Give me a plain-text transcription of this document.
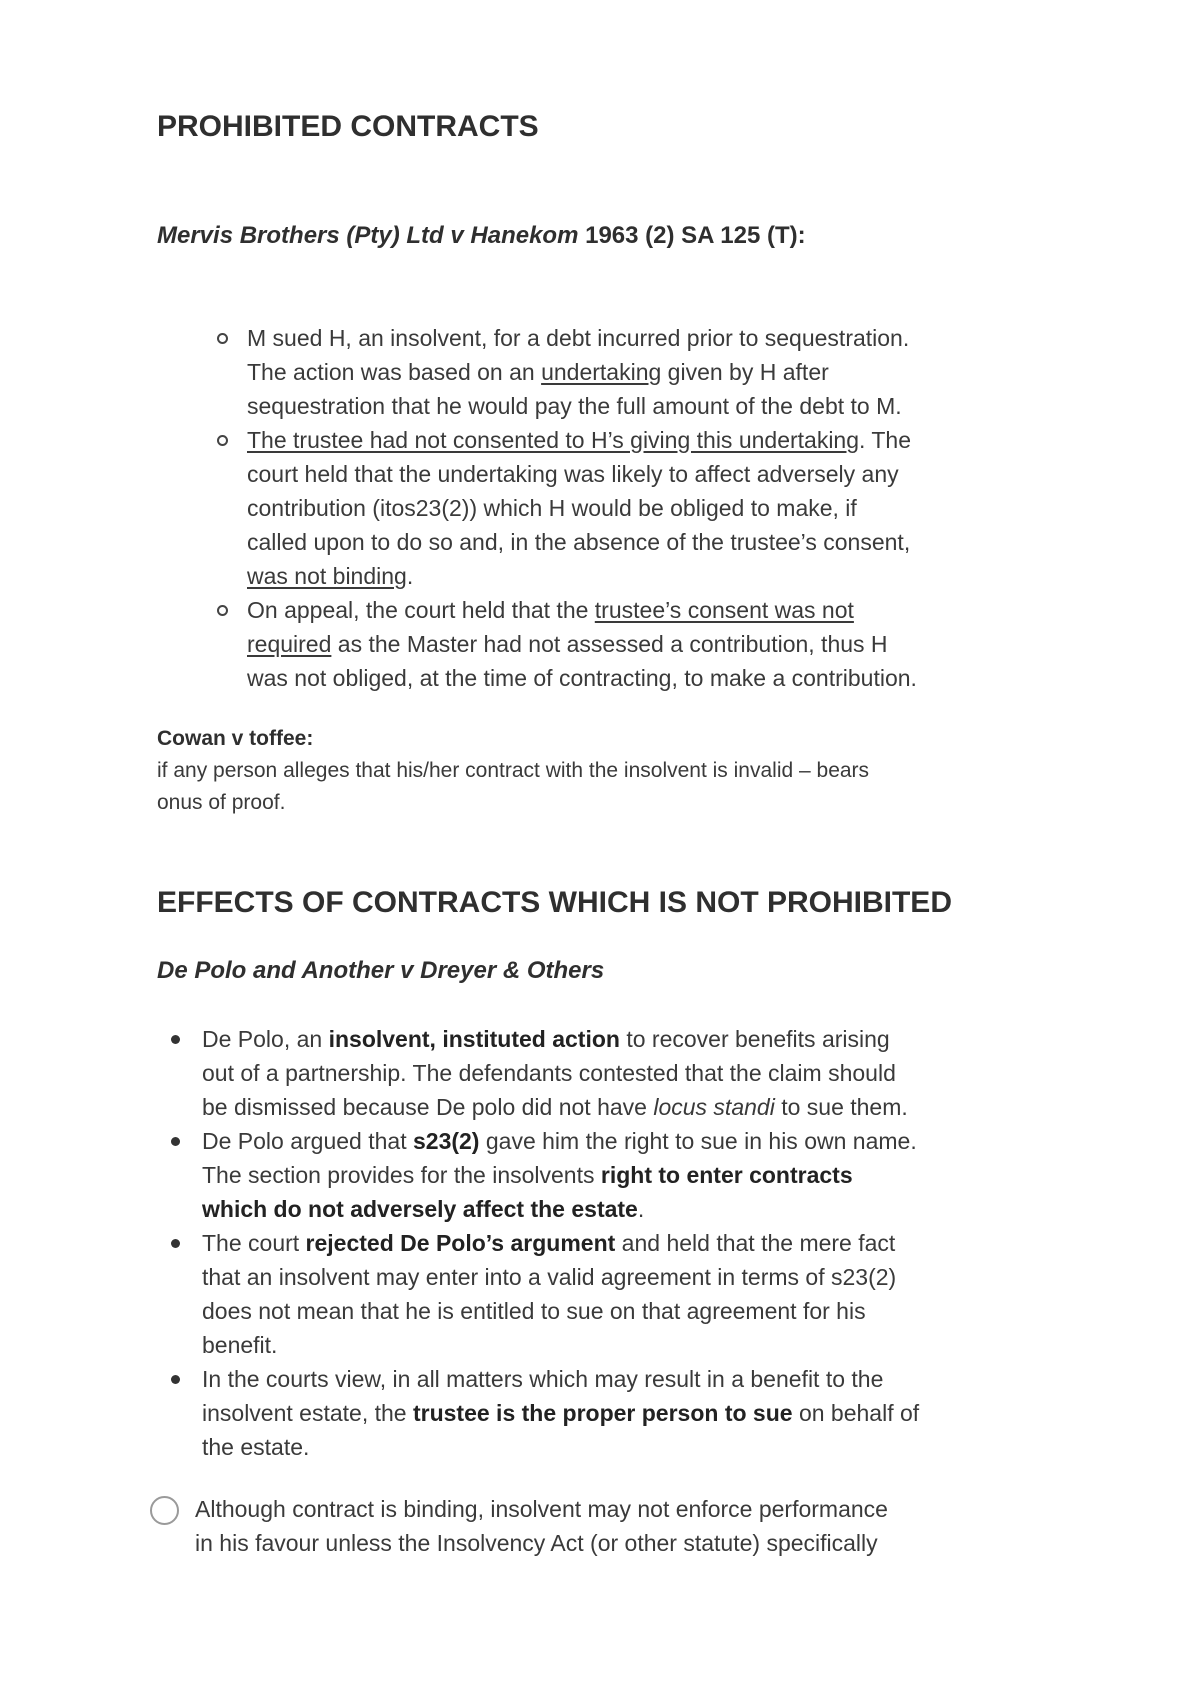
PROHIBITED CONTRACTS
Mervis Brothers (Pty) Ltd v Hanekom 1963 (2) SA 125 (T):
M sued H, an insolvent, for a debt incurred prior to sequestration.
The action was based on an undertaking given by H after
sequestration that he would pay the full amount of the debt to M.
The trustee had not consented to H’s giving this undertaking. The
court held that the undertaking was likely to affect adversely any
contribution (itos23(2)) which H would be obliged to make, if
called upon to do so and, in the absence of the trustee’s consent,
was not binding.
On appeal, the court held that the trustee’s consent was not
required as the Master had not assessed a contribution, thus H
was not obliged, at the time of contracting, to make a contribution.
Cowan v toffee:

if any person alleges that his/her contract with the insolvent is invalid – bears
onus of proof.

EFFECTS OF CONTRACTS WHICH IS NOT PROHIBITED
De Polo and Another v Dreyer & Others
De Polo, an insolvent, instituted action to recover benefits arising
out of a partnership. The defendants contested that the claim should
be dismissed because De polo did not have locus standi to sue them.
De Polo argued that s23(2) gave him the right to sue in his own name.
The section provides for the insolvents right to enter contracts
which do not adversely affect the estate.
The court rejected De Polo’s argument and held that the mere fact
that an insolvent may enter into a valid agreement in terms of s23(2)
does not mean that he is entitled to sue on that agreement for his
benefit.
In the courts view, in all matters which may result in a benefit to the
insolvent estate, the trustee is the proper person to sue on behalf of
the estate.
Although contract is binding, insolvent may not enforce performance
in his favour unless the Insolvency Act (or other statute) specifically
